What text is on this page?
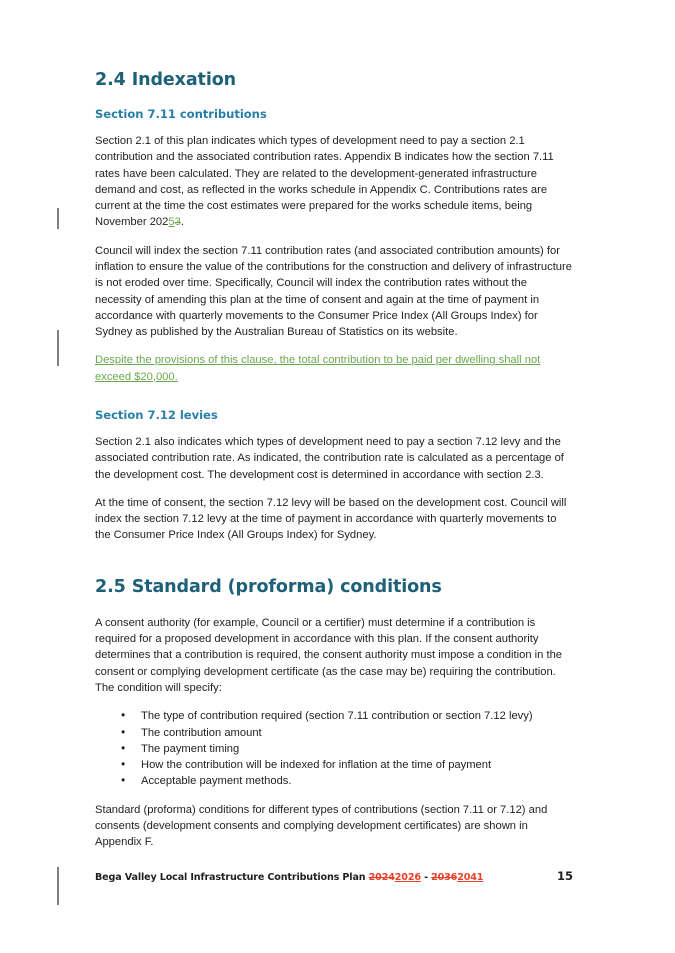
2.4 Indexation
Section 7.11 contributions

Section 2.1 of this plan indicates which types of development need to pay a section 2.1 contribution and the associated contribution rates. Appendix B indicates how the section 7.11 rates have been calculated. They are related to the development-generated infrastructure demand and cost, as reflected in the works schedule in Appendix C. Contributions rates are current at the time the cost estimates were prepared for the works schedule items, being November 20253.

Council will index the section 7.11 contribution rates (and associated contribution amounts) for inflation to ensure the value of the contributions for the construction and delivery of infrastructure is not eroded over time. Specifically, Council will index the contribution rates without the necessity of amending this plan at the time of consent and again at the time of payment in accordance with quarterly movements to the Consumer Price Index (All Groups Index) for Sydney as published by the Australian Bureau of Statistics on its website.

Despite the provisions of this clause, the total contribution to be paid per dwelling shall not exceed $20,000.

Section 7.12 levies

Section 2.1 also indicates which types of development need to pay a section 7.12 levy and the associated contribution rate. As indicated, the contribution rate is calculated as a percentage of the development cost. The development cost is determined in accordance with section 2.3.

At the time of consent, the section 7.12 levy will be based on the development cost. Council will index the section 7.12 levy at the time of payment in accordance with quarterly movements to the Consumer Price Index (All Groups Index) for Sydney.

2.5 Standard (proforma) conditions

A consent authority (for example, Council or a certifier) must determine if a contribution is required for a proposed development in accordance with this plan. If the consent authority determines that a contribution is required, the consent authority must impose a condition in the consent or complying development certificate (as the case may be) requiring the contribution. The condition will specify:

• The type of contribution required (section 7.11 contribution or section 7.12 levy)
• The contribution amount
• The payment timing
• How the contribution will be indexed for inflation at the time of payment
• Acceptable payment methods.

Standard (proforma) conditions for different types of contributions (section 7.11 or 7.12) and consents (development consents and complying development certificates) are shown in Appendix F.

Bega Valley Local Infrastructure Contributions Plan 20242026 - 20362041	15
